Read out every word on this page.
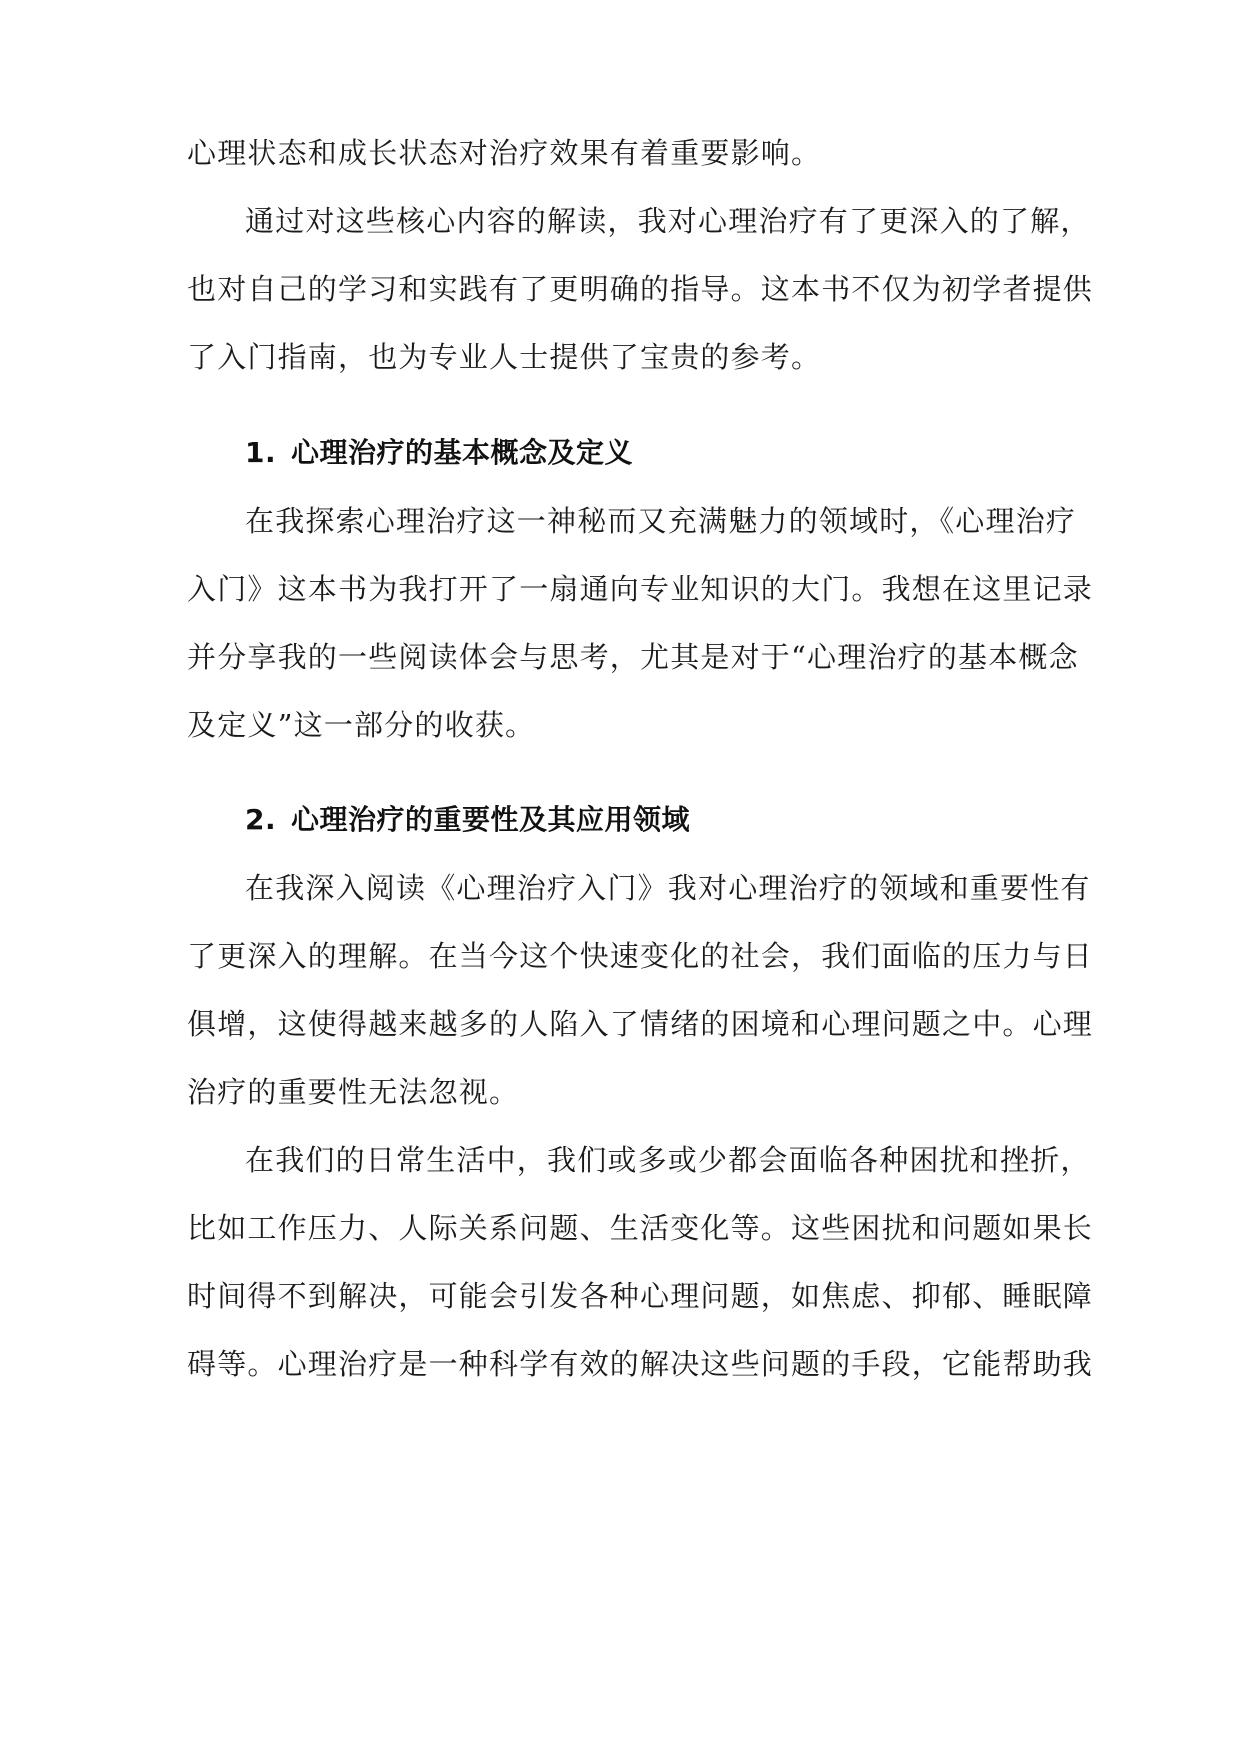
心理状态和成长状态对治疗效果有着重要影响。

通过对这些核心内容的解读，我对心理治疗有了更深入的了解，

也对自己的学习和实践有了更明确的指导。这本书不仅为初学者提供

了入门指南，也为专业人士提供了宝贵的参考。

1. 心理治疗的基本概念及定义

在我探索心理治疗这一神秘而又充满魅力的领域时，《心理治疗

入门》这本书为我打开了一扇通向专业知识的大门。我想在这里记录

并分享我的一些阅读体会与思考，尤其是对于“心理治疗的基本概念

及定义”这一部分的收获。

2. 心理治疗的重要性及其应用领域

在我深入阅读《心理治疗入门》我对心理治疗的领域和重要性有

了更深入的理解。在当今这个快速变化的社会，我们面临的压力与日

俱增，这使得越来越多的人陷入了情绪的困境和心理问题之中。心理

治疗的重要性无法忽视。

在我们的日常生活中，我们或多或少都会面临各种困扰和挫折，

比如工作压力、人际关系问题、生活变化等。这些困扰和问题如果长

时间得不到解决，可能会引发各种心理问题，如焦虑、抑郁、睡眠障

碍等。心理治疗是一种科学有效的解决这些问题的手段，它能帮助我
